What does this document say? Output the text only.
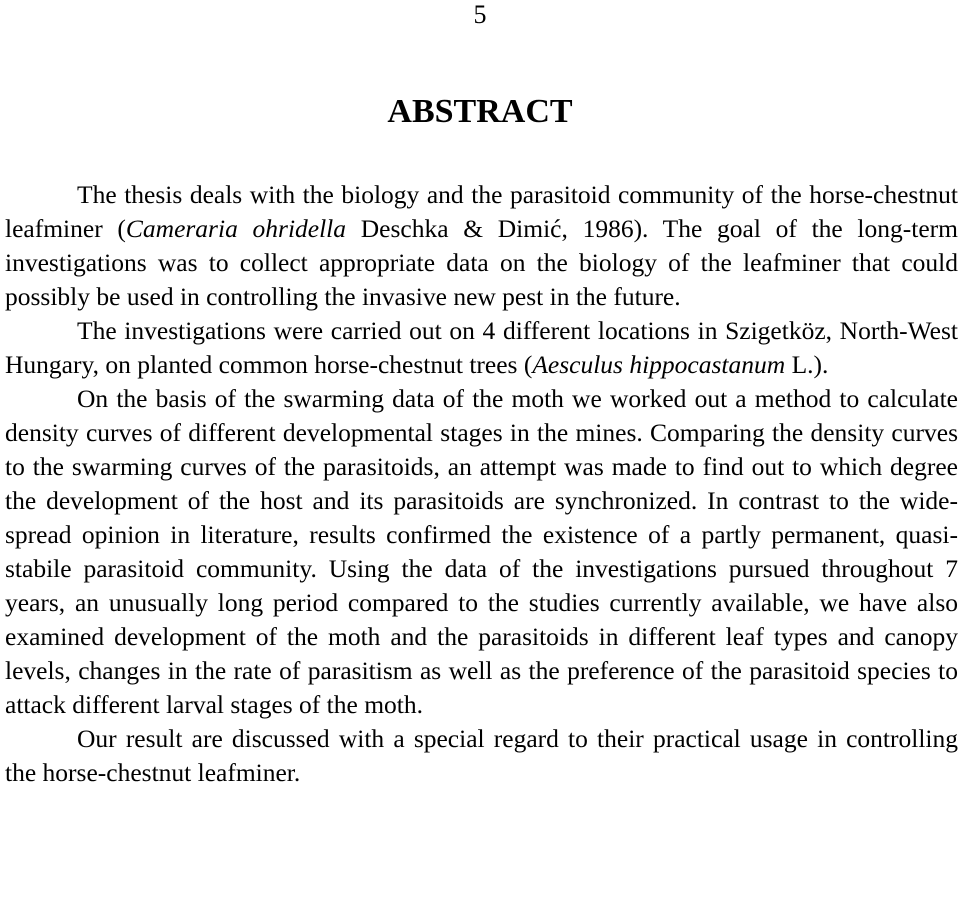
5
ABSTRACT

The thesis deals with the biology and the parasitoid community of the horse-chestnut leafminer (Cameraria ohridella Deschka & Dimić, 1986). The goal of the long-term investigations was to collect appropriate data on the biology of the leafminer that could possibly be used in controlling the invasive new pest in the future.

The investigations were carried out on 4 different locations in Szigetköz, North-West Hungary, on planted common horse-chestnut trees (Aesculus hippocastanum L.).

On the basis of the swarming data of the moth we worked out a method to calculate density curves of different developmental stages in the mines. Comparing the density curves to the swarming curves of the parasitoids, an attempt was made to find out to which degree the development of the host and its parasitoids are synchronized. In contrast to the wide-spread opinion in literature, results confirmed the existence of a partly permanent, quasi-stabile parasitoid community. Using the data of the investigations pursued throughout 7 years, an unusually long period compared to the studies currently available, we have also examined development of the moth and the parasitoids in different leaf types and canopy levels, changes in the rate of parasitism as well as the preference of the parasitoid species to attack different larval stages of the moth.

Our result are discussed with a special regard to their practical usage in controlling the horse-chestnut leafminer.
